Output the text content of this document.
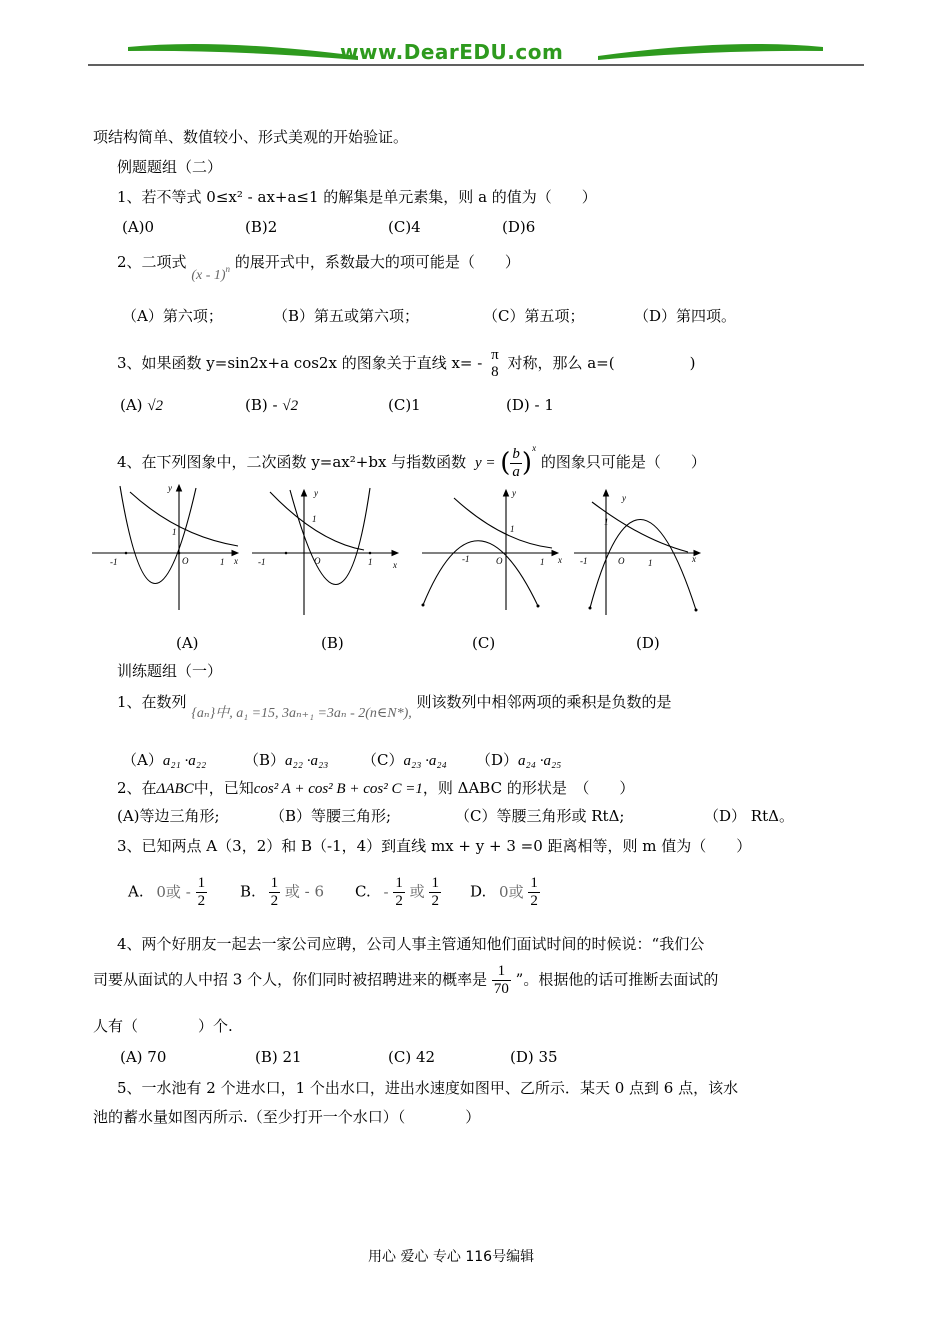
www.DearEDU.com
项结构简单、数值较小、形式美观的开始验证。
例题题组（二）
1、若不等式 0≤x² - ax+a≤1 的解集是单元素集，则 a 的值为（　　）
(A)0	(B)2	(C)4	(D)6
2、二项式 (x - 1)$^n$ 的展开式中，系数最大的项可能是（　　）
（A）第六项；	（B）第五或第六项；	（C）第五项；	（D）第四项。
3、如果函数 y=sin2x+a cos2x 的图象关于直线 x= - π
8 对称，那么 a=(　　　　　)
(A) √2	(B) - √2	(C)1	(D) - 1
4、在下列图象中，二次函数 y=ax²+bx 与指数函数 y = ( $\frac{b}{a} )^x$ 的图象只可能是（　　）
y
1
O
-1	1 x
y
1
O
-1	1 x
y
1
O
-1	1 x
y
1
O
-1	1	x
(A)	(B)	(C)	(D)
训练题组（一）
1、在数列 {aₙ}中, a₁ =15, 3aₙ₊₁ =3aₙ - 2(n∈N*), 则该数列中相邻两项的乘积是负数的是
（A）a₂₁ ·a₂₂	（B）a₂₂ ·a₂₃ （C）a₂₃ ·a₂₄ （D）a₂₄ ·a₂₅
2、在ΔABC中，已知cos² A + cos² B + cos² C =1，则 ΔABC 的形状是　（　　）
(A)等边三角形;	（B）等腰三角形;	（C）等腰三角形或 RtΔ;	（D） RtΔ。
3、已知两点 A（3，2）和 B（-1，4）到直线 mx + y + 3 =0 距离相等，则 m 值为（　　）
A. 0或 - $\frac{1}{2} B$. $\frac{1}{2}$ 或 - 6 C. - $\frac{1}{2}$ 或 $\frac{1}{2} D$. 0或 $\frac{1}{2}$
4、两个好朋友一起去一家公司应聘，公司人事主管通知他们面试时间的时候说：“我们公
司要从面试的人中招 3 个人，你们同时被招聘进来的概率是 $\frac{1}{70}$ ”。根据他的话可推断去面试的
人有（　　　　）个.
(A) 70	(B) 21	(C) 42	(D) 35
5、一水池有 2 个进水口，1 个出水口，进出水速度如图甲、乙所示．某天 0 点到 6 点，该水
池的蓄水量如图丙所示.（至少打开一个水口）（　　　　）
用心 爱心 专心 116号编辑
